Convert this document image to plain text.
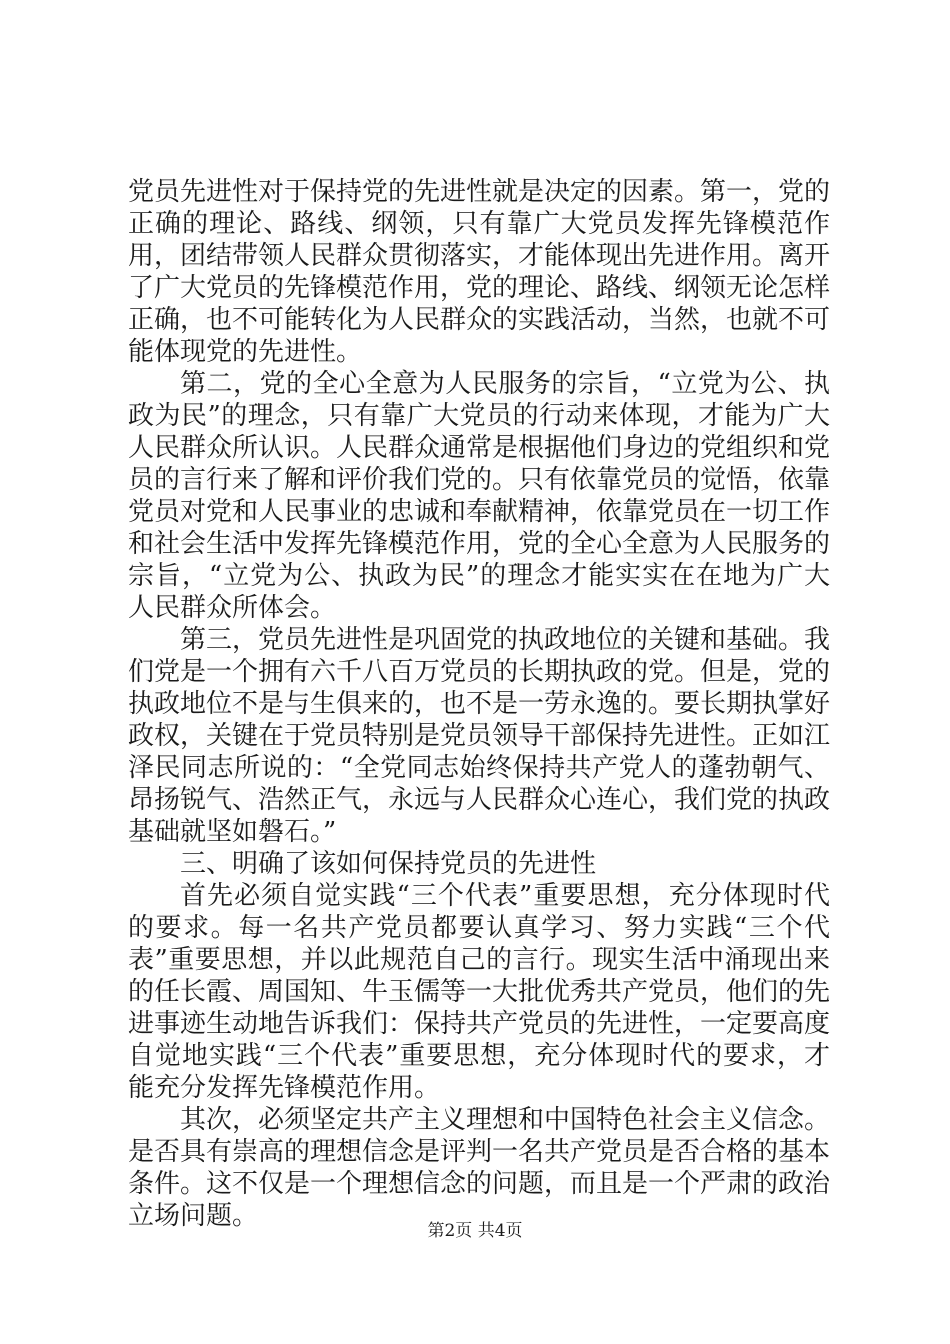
党员先进性对于保持党的先进性就是决定的因素。第一，党的正确的理论、路线、纲领，只有靠广大党员发挥先锋模范作用，团结带领人民群众贯彻落实，才能体现出先进作用。离开了广大党员的先锋模范作用，党的理论、路线、纲领无论怎样正确，也不可能转化为人民群众的实践活动，当然，也就不可能体现党的先进性。

第二，党的全心全意为人民服务的宗旨，“立党为公、执政为民”的理念，只有靠广大党员的行动来体现，才能为广大人民群众所认识。人民群众通常是根据他们身边的党组织和党员的言行来了解和评价我们党的。只有依靠党员的觉悟，依靠党员对党和人民事业的忠诚和奉献精神，依靠党员在一切工作和社会生活中发挥先锋模范作用，党的全心全意为人民服务的宗旨，“立党为公、执政为民”的理念才能实实在在地为广大人民群众所体会。

第三，党员先进性是巩固党的执政地位的关键和基础。我们党是一个拥有六千八百万党员的长期执政的党。但是，党的执政地位不是与生俱来的，也不是一劳永逸的。要长期执掌好政权，关键在于党员特别是党员领导干部保持先进性。正如江泽民同志所说的：“全党同志始终保持共产党人的蓬勃朝气、昂扬锐气、浩然正气，永远与人民群众心连心，我们党的执政基础就坚如磐石。”

三、明确了该如何保持党员的先进性

首先必须自觉实践“三个代表”重要思想，充分体现时代的要求。每一名共产党员都要认真学习、努力实践“三个代表”重要思想，并以此规范自己的言行。现实生活中涌现出来的任长霞、周国知、牛玉儒等一大批优秀共产党员，他们的先进事迹生动地告诉我们：保持共产党员的先进性，一定要高度自觉地实践“三个代表”重要思想，充分体现时代的要求，才能充分发挥先锋模范作用。

其次，必须坚定共产主义理想和中国特色社会主义信念。是否具有崇高的理想信念是评判一名共产党员是否合格的基本条件。这不仅是一个理想信念的问题，而且是一个严肃的政治立场问题。	第2页 共4页
